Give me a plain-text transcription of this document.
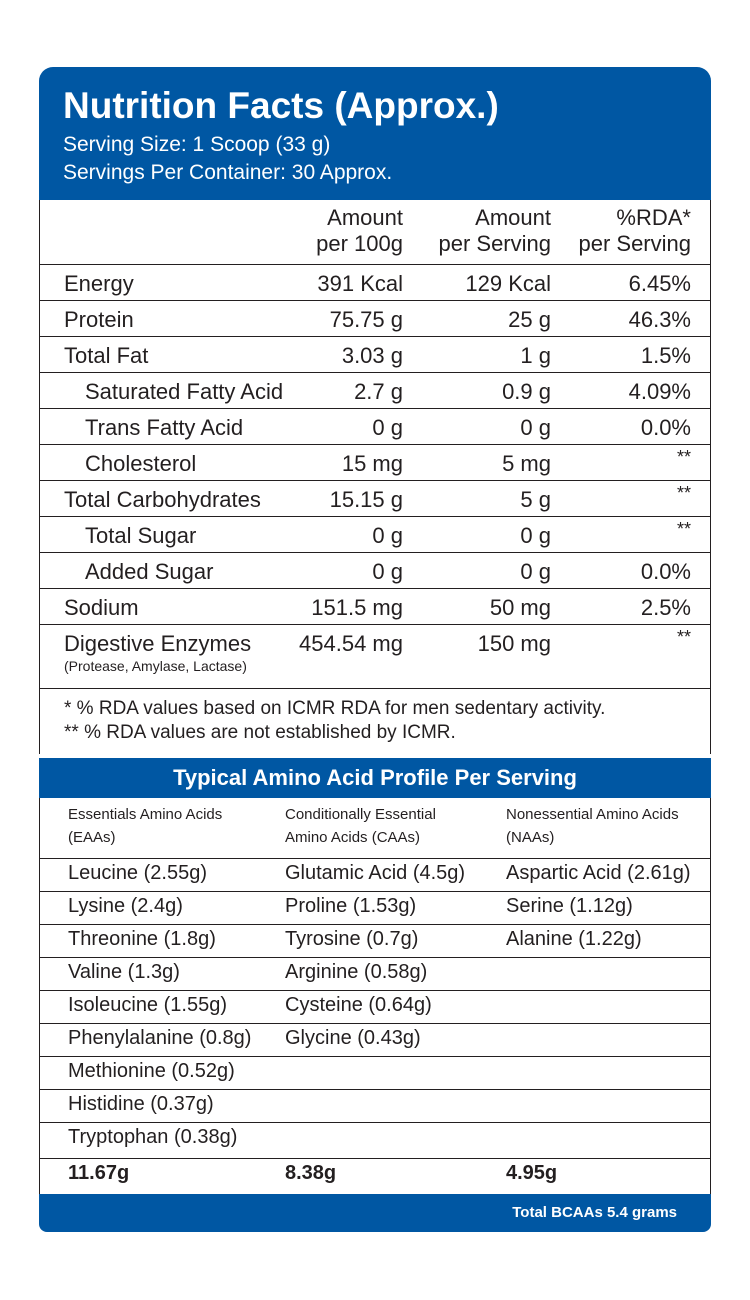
Nutrition Facts (Approx.)
Serving Size: 1 Scoop (33 g)
Servings Per Container: 30 Approx.
Amount
per 100g
Amount
per Serving
%RDA*
per Serving
Energy	391 Kcal	129 Kcal	6.45%
Protein	75.75 g	25 g	46.3%
Total Fat	3.03 g	1 g	1.5%
Saturated Fatty Acid	2.7 g	0.9 g	4.09%
Trans Fatty Acid	0 g	0 g	0.0%
Cholesterol	15 mg	5 mg	**
Total Carbohydrates	15.15 g	5 g	**
Total Sugar	0 g	0 g	**
Added Sugar	0 g	0 g	0.0%
Sodium	151.5 mg	50 mg	2.5%
Digestive Enzymes 454.54 mg	150 mg	**
(Protease, Amylase, Lactase)
* % RDA values based on ICMR RDA for men sedentary activity.
** % RDA values are not established by ICMR.
Typical Amino Acid Profile Per Serving
Essentials Amino Acids
(EAAs)
Conditionally Essential
Amino Acids (CAAs)
Nonessential Amino Acids
(NAAs)
Leucine (2.55g)	Glutamic Acid (4.5g) Aspartic Acid (2.61g)
Lysine (2.4g)	Proline (1.53g)	Serine (1.12g)
Threonine (1.8g)	Tyrosine (0.7g)	Alanine (1.22g)
Valine (1.3g)	Arginine (0.58g)
Isoleucine (1.55g)	Cysteine (0.64g)
Phenylalanine (0.8g) Glycine (0.43g)
Methionine (0.52g)
Histidine (0.37g)
Tryptophan (0.38g)
11.67g	8.38g	4.95g
Total BCAAs 5.4 grams
